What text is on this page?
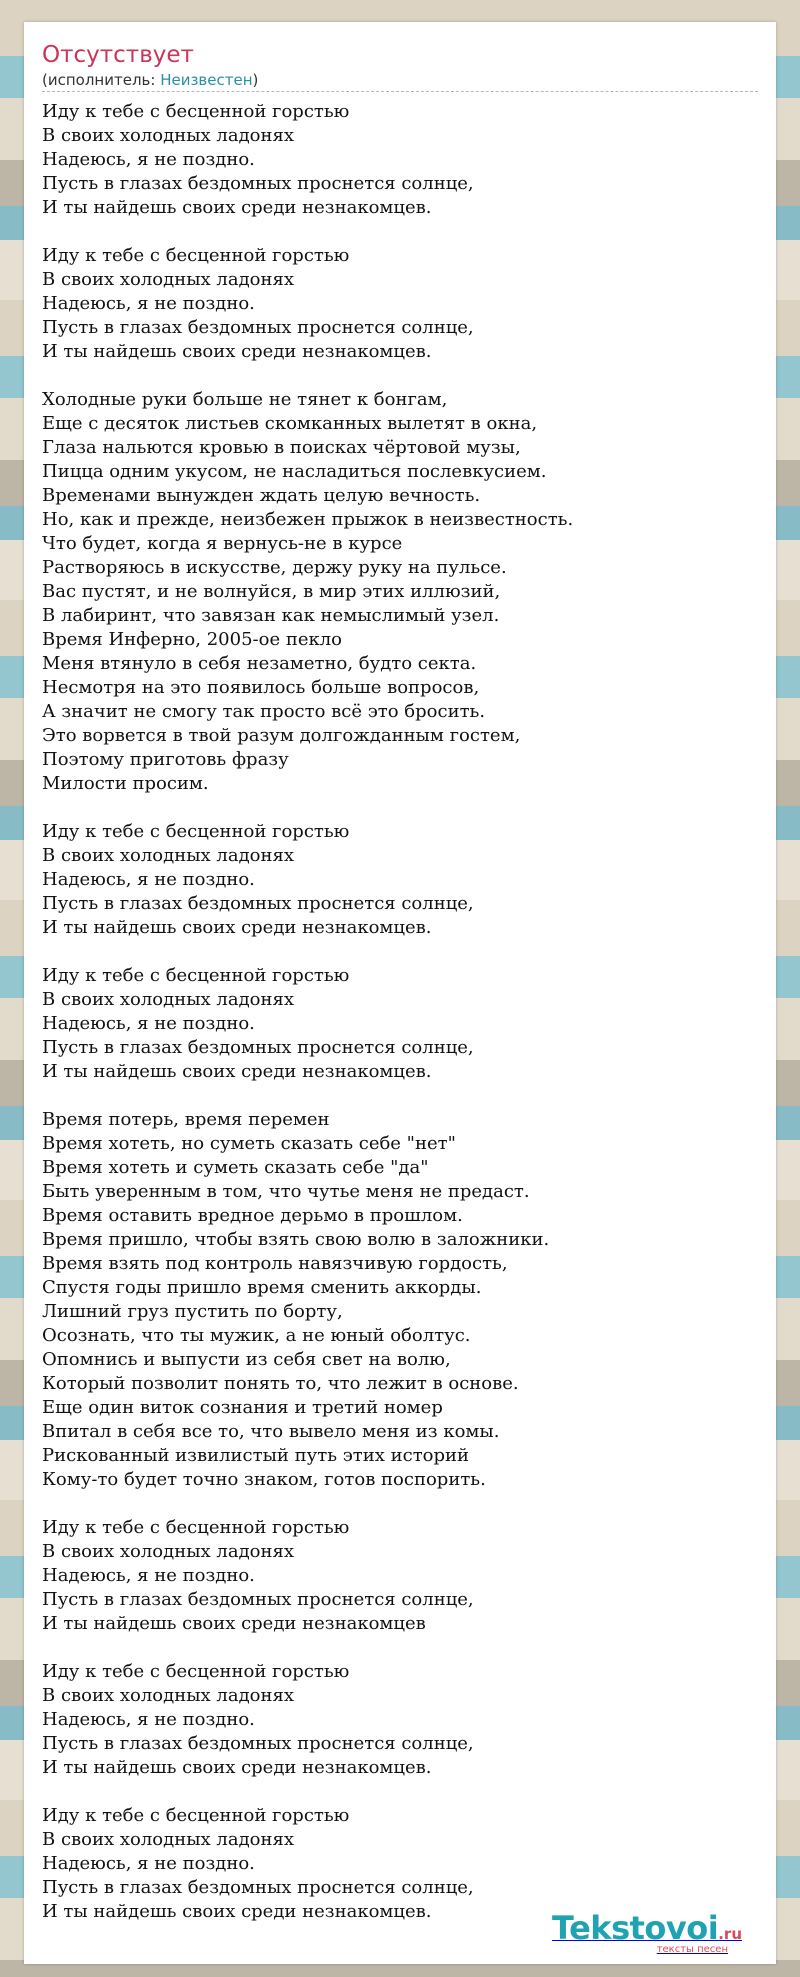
Отсутствует
(исполнитель: Неизвестен)
Иду к тебе с бесценной горстью
В своих холодных ладонях
Надеюсь, я не поздно.
Пусть в глазах бездомных проснется солнце,
И ты найдешь своих среди незнакомцев.
Иду к тебе с бесценной горстью
В своих холодных ладонях
Надеюсь, я не поздно.
Пусть в глазах бездомных проснется солнце,
И ты найдешь своих среди незнакомцев.
Холодные руки больше не тянет к бонгам,
Еще с десяток листьев скомканных вылетят в окна,
Глаза нальются кровью в поисках чёртовой музы,
Пицца одним укусом, не насладиться послевкусием.
Временами вынужден ждать целую вечность.
Но, как и прежде, неизбежен прыжок в неизвестность.
Что будет, когда я вернусь-не в курсе
Растворяюсь в искусстве, держу руку на пульсе.
Вас пустят, и не волнуйся, в мир этих иллюзий,
В лабиринт, что завязан как немыслимый узел.
Время Инферно, 2005-ое пекло
Меня втянуло в себя незаметно, будто секта.
Несмотря на это появилось больше вопросов,
А значит не смогу так просто всё это бросить.
Это ворвется в твой разум долгожданным гостем,
Поэтому приготовь фразу
Милости просим.
Иду к тебе с бесценной горстью
В своих холодных ладонях
Надеюсь, я не поздно.
Пусть в глазах бездомных проснется солнце,
И ты найдешь своих среди незнакомцев.
Иду к тебе с бесценной горстью
В своих холодных ладонях
Надеюсь, я не поздно.
Пусть в глазах бездомных проснется солнце,
И ты найдешь своих среди незнакомцев.
Время потерь, время перемен
Время хотеть, но суметь сказать себе "нет"
Время хотеть и суметь сказать себе "да"
Быть уверенным в том, что чутье меня не предаст.
Время оставить вредное дерьмо в прошлом.
Время пришло, чтобы взять свою волю в заложники.
Время взять под контроль навязчивую гордость,
Спустя годы пришло время сменить аккорды.
Лишний груз пустить по борту,
Осознать, что ты мужик, а не юный оболтус.
Опомнись и выпусти из себя свет на волю,
Который позволит понять то, что лежит в основе.
Еще один виток сознания и третий номер
Впитал в себя все то, что вывело меня из комы.
Рискованный извилистый путь этих историй
Кому-то будет точно знаком, готов поспорить.
Иду к тебе с бесценной горстью
В своих холодных ладонях
Надеюсь, я не поздно.
Пусть в глазах бездомных проснется солнце,
И ты найдешь своих среди незнакомцев
Иду к тебе с бесценной горстью
В своих холодных ладонях
Надеюсь, я не поздно.
Пусть в глазах бездомных проснется солнце,
И ты найдешь своих среди незнакомцев.
Иду к тебе с бесценной горстью
В своих холодных ладонях
Надеюсь, я не поздно.
Пусть в глазах бездомных проснется солнце,
И ты найдешь своих среди незнакомцев.	Tekstovoi.ru
тексты песен
